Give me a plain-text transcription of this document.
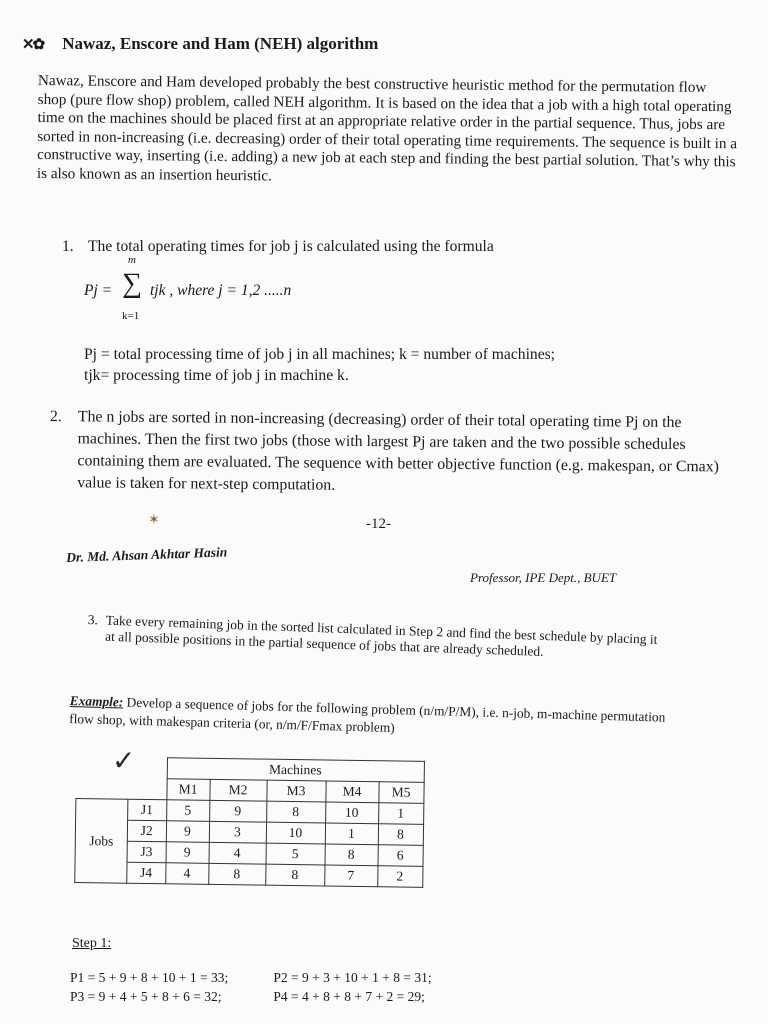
✕✿ Nawaz, Enscore and Ham (NEH) algorithm
Nawaz, Enscore and Ham developed probably the best constructive heuristic method for the permutation flow shop (pure flow shop) problem, called NEH algorithm. It is based on the idea that a job with a high total operating time on the machines should be placed first at an appropriate relative order in the partial sequence. Thus, jobs are sorted in non-increasing (i.e. decreasing) order of their total operating time requirements. The sequence is built in a constructive way, inserting (i.e. adding) a new job at each step and finding the best partial solution. That’s why this is also known as an insertion heuristic.
1. The total operating times for job j is calculated using the formula
Pj =
m
∑
k=1
tjk , where j = 1,2 .....n
Pj = total processing time of job j in all machines; k = number of machines;
tjk= processing time of job j in machine k.
2. The n jobs are sorted in non-increasing (decreasing) order of their total operating time Pj on the machines. Then the first two jobs (those with largest Pj are taken and the two possible schedules containing them are evaluated. The sequence with better objective function (e.g. makespan, or Cmax) value is taken for next-step computation.
✶	-12-
Dr. Md. Ahsan Akhtar Hasin
Professor, IPE Dept., BUET
3. Take every remaining job in the sorted list calculated in Step 2 and find the best schedule by placing it at all possible positions in the partial sequence of jobs that are already scheduled.
Example: Develop a sequence of jobs for the following problem (n/m/P/M), i.e. n-job, m-machine permutation flow shop, with makespan criteria (or, n/m/F/Fmax problem)
✓
			Machines				
		M1	M2	M3	M4	M5
Jobs	J1	5	9	8	10	1
	J2	9	3	10	1	8
	J3	9	4	5	8	6
	J4	4	8	8	7	2
Step 1:
P1 = 5 + 9 + 8 + 10 + 1 = 33;	P2 = 9 + 3 + 10 + 1 + 8 = 31;
P3 = 9 + 4 + 5 + 8 + 6 = 32;	P4 = 4 + 8 + 8 + 7 + 2 = 29;
